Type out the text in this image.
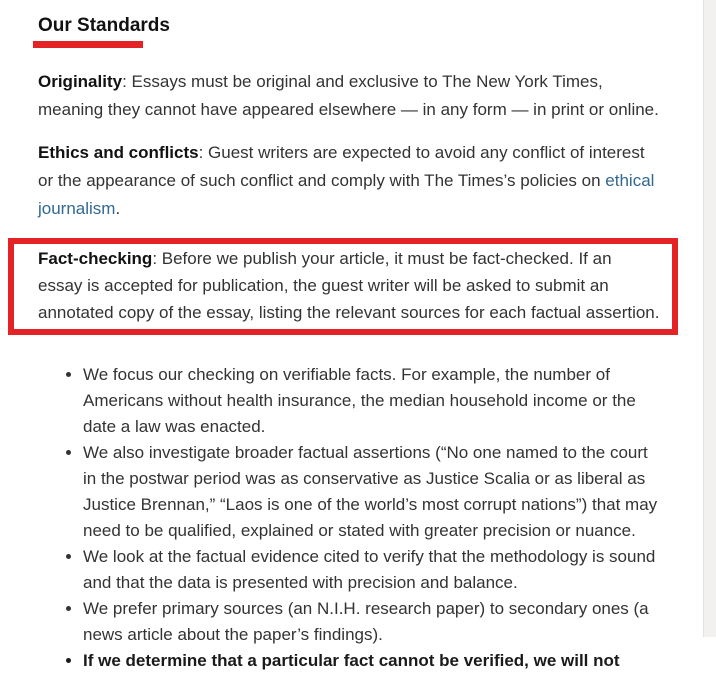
Our Standards

Originality: Essays must be original and exclusive to The New York Times, meaning they cannot have appeared elsewhere — in any form — in print or online.

Ethics and conflicts: Guest writers are expected to avoid any conflict of interest or the appearance of such conflict and comply with The Times’s policies on ethical journalism.

Fact-checking: Before we publish your article, it must be fact-checked. If an essay is accepted for publication, the guest writer will be asked to submit an annotated copy of the essay, listing the relevant sources for each factual assertion.

• We focus our checking on verifiable facts. For example, the number of Americans without health insurance, the median household income or the date a law was enacted.
• We also investigate broader factual assertions (“No one named to the court in the postwar period was as conservative as Justice Scalia or as liberal as Justice Brennan,” “Laos is one of the world’s most corrupt nations”) that may need to be qualified, explained or stated with greater precision or nuance.
• We look at the factual evidence cited to verify that the methodology is sound and that the data is presented with precision and balance.
• We prefer primary sources (an N.I.H. research paper) to secondary ones (a news article about the paper’s findings).
• If we determine that a particular fact cannot be verified, we will not
